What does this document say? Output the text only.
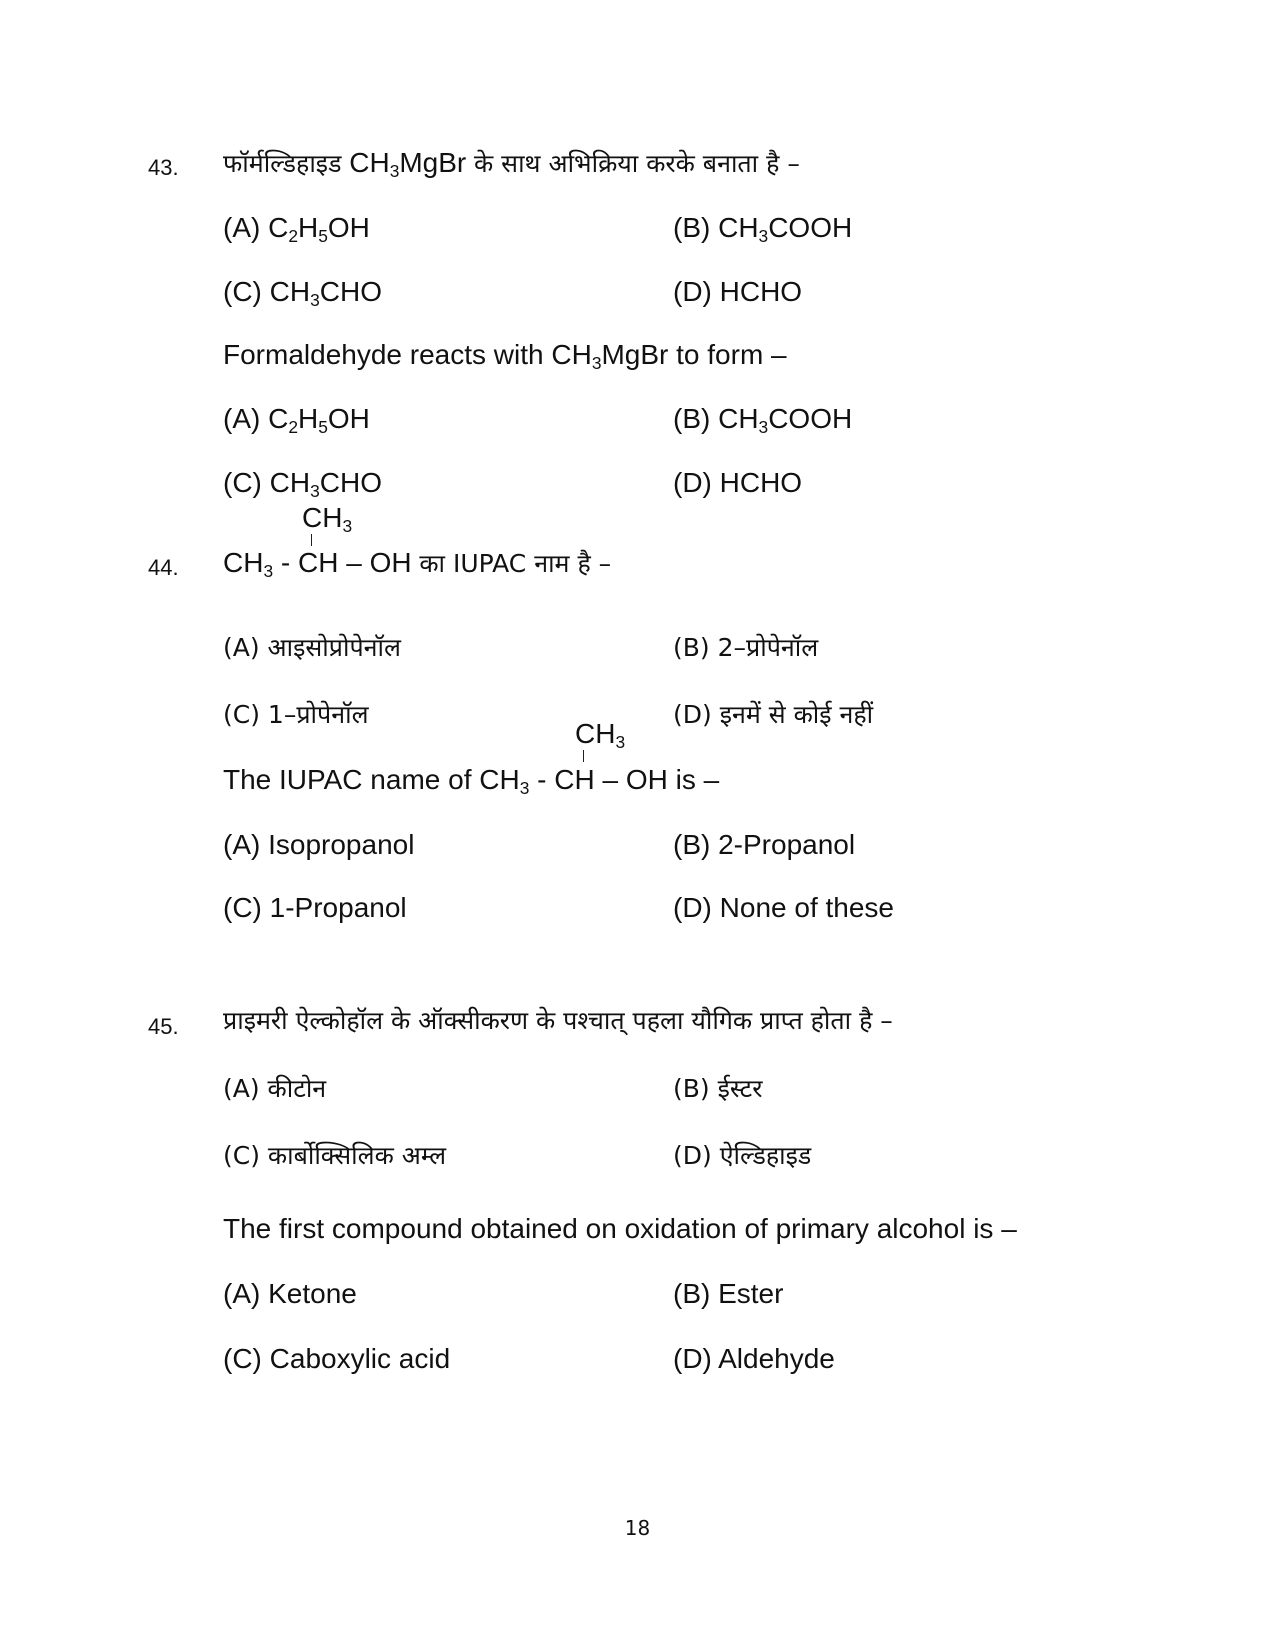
43. फॉर्मल्डिहाइड $CH_3MgBr$ के साथ अभिक्रिया करके बनाता है –
(A) $C_2H_5OH$	(B) $CH_3COOH$
(C) $CH_3CHO$	(D) HCHO
Formaldehyde reacts with $CH_3MgBr$ to form –
(A) $C_2H_5OH$	(B) $CH_3COOH$
(C) $CH_3CHO$	(D) HCHO
$CH_3$
44. $CH_3$ - CH – OH का IUPAC नाम है –
(A) आइसोप्रोपेनॉल	(B) 2–प्रोपेनॉल
(C) 1–प्रोपेनॉल	(D) इनमें से कोई नहीं
$CH_3$
The IUPAC name of $CH_3$ - CH – OH is –
(A) Isopropanol	(B) 2-Propanol
(C) 1-Propanol	(D) None of these
45. प्राइमरी ऐल्कोहॉल के ऑक्सीकरण के पश्चात् पहला यौगिक प्राप्त होता है –
(A) कीटोन	(B) ईस्टर
(C) कार्बोक्सिलिक अम्ल	(D) ऐल्डिहाइड
The first compound obtained on oxidation of primary alcohol is –
(A) Ketone	(B) Ester
(C) Caboxylic acid	(D) Aldehyde
18
